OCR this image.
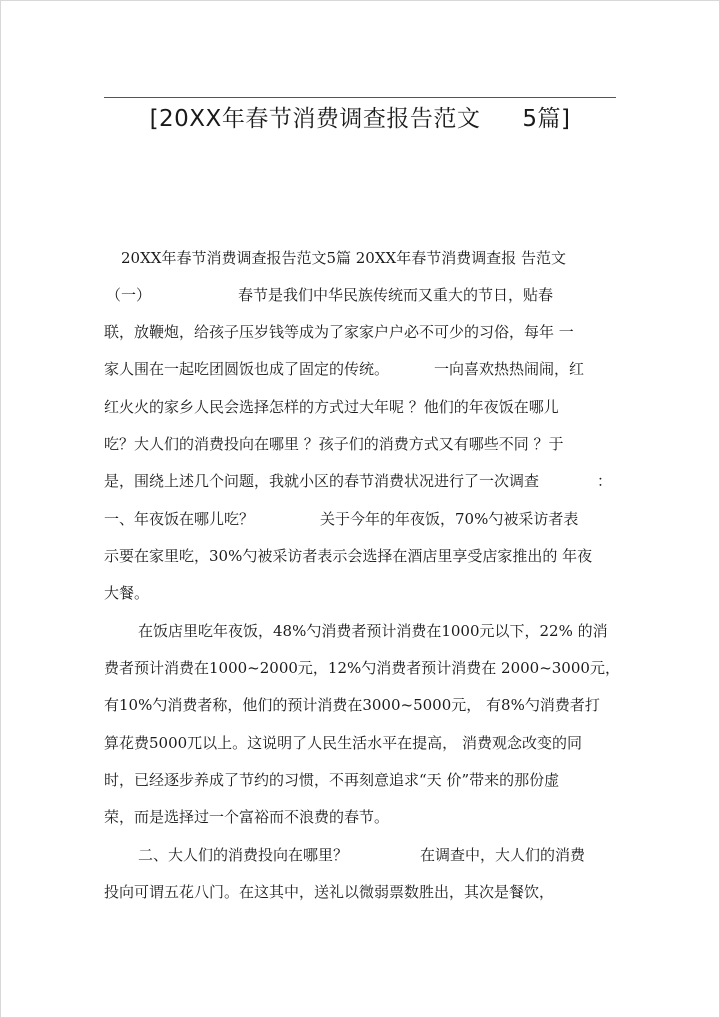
[20XX年春节消费调查报告范文 5篇]
20XX年春节消费调查报告范文5篇 20XX年春节消费调查报 告范文
（一）	春节是我们中华民族传统而又重大的节日，贴春
联，放鞭炮，给孩子压岁钱等成为了家家户户必不可少的习俗，每年 一
家人围在一起吃团圆饭也成了固定的传统。	一向喜欢热热闹闹，红
红火火的家乡人民会选择怎样的方式过大年呢 ？他们的年夜饭在哪儿
吃？大人们的消费投向在哪里 ？孩子们的消费方式又有哪些不同 ？于
是，围绕上述几个问题，我就小区的春节消费状况进行了一次调查	：
一、年夜饭在哪儿吃？	关于今年的年夜饭，70%勺被采访者表
示要在家里吃，30%勺被采访者表示会选择在酒店里享受店家推出的 年夜
大餐。
在饭店里吃年夜饭，48%勺消费者预计消费在1000元以下，22% 的消
费者预计消费在1000~2000元，12%勺消费者预计消费在 2000~3000元，
有10%勺消费者称，他们的预计消费在3000~5000元， 有8%勺消费者打
算花费5000兀以上。这说明了人民生活水平在提高， 消费观念改变的同
时，已经逐步养成了节约的习惯，不再刻意追求“天 价”带来的那份虚
荣，而是选择过一个富裕而不浪费的春节。
二、大人们的消费投向在哪里？	在调查中，大人们的消费
投向可谓五花八门。在这其中，送礼以微弱票数胜出，其次是餐饮，
